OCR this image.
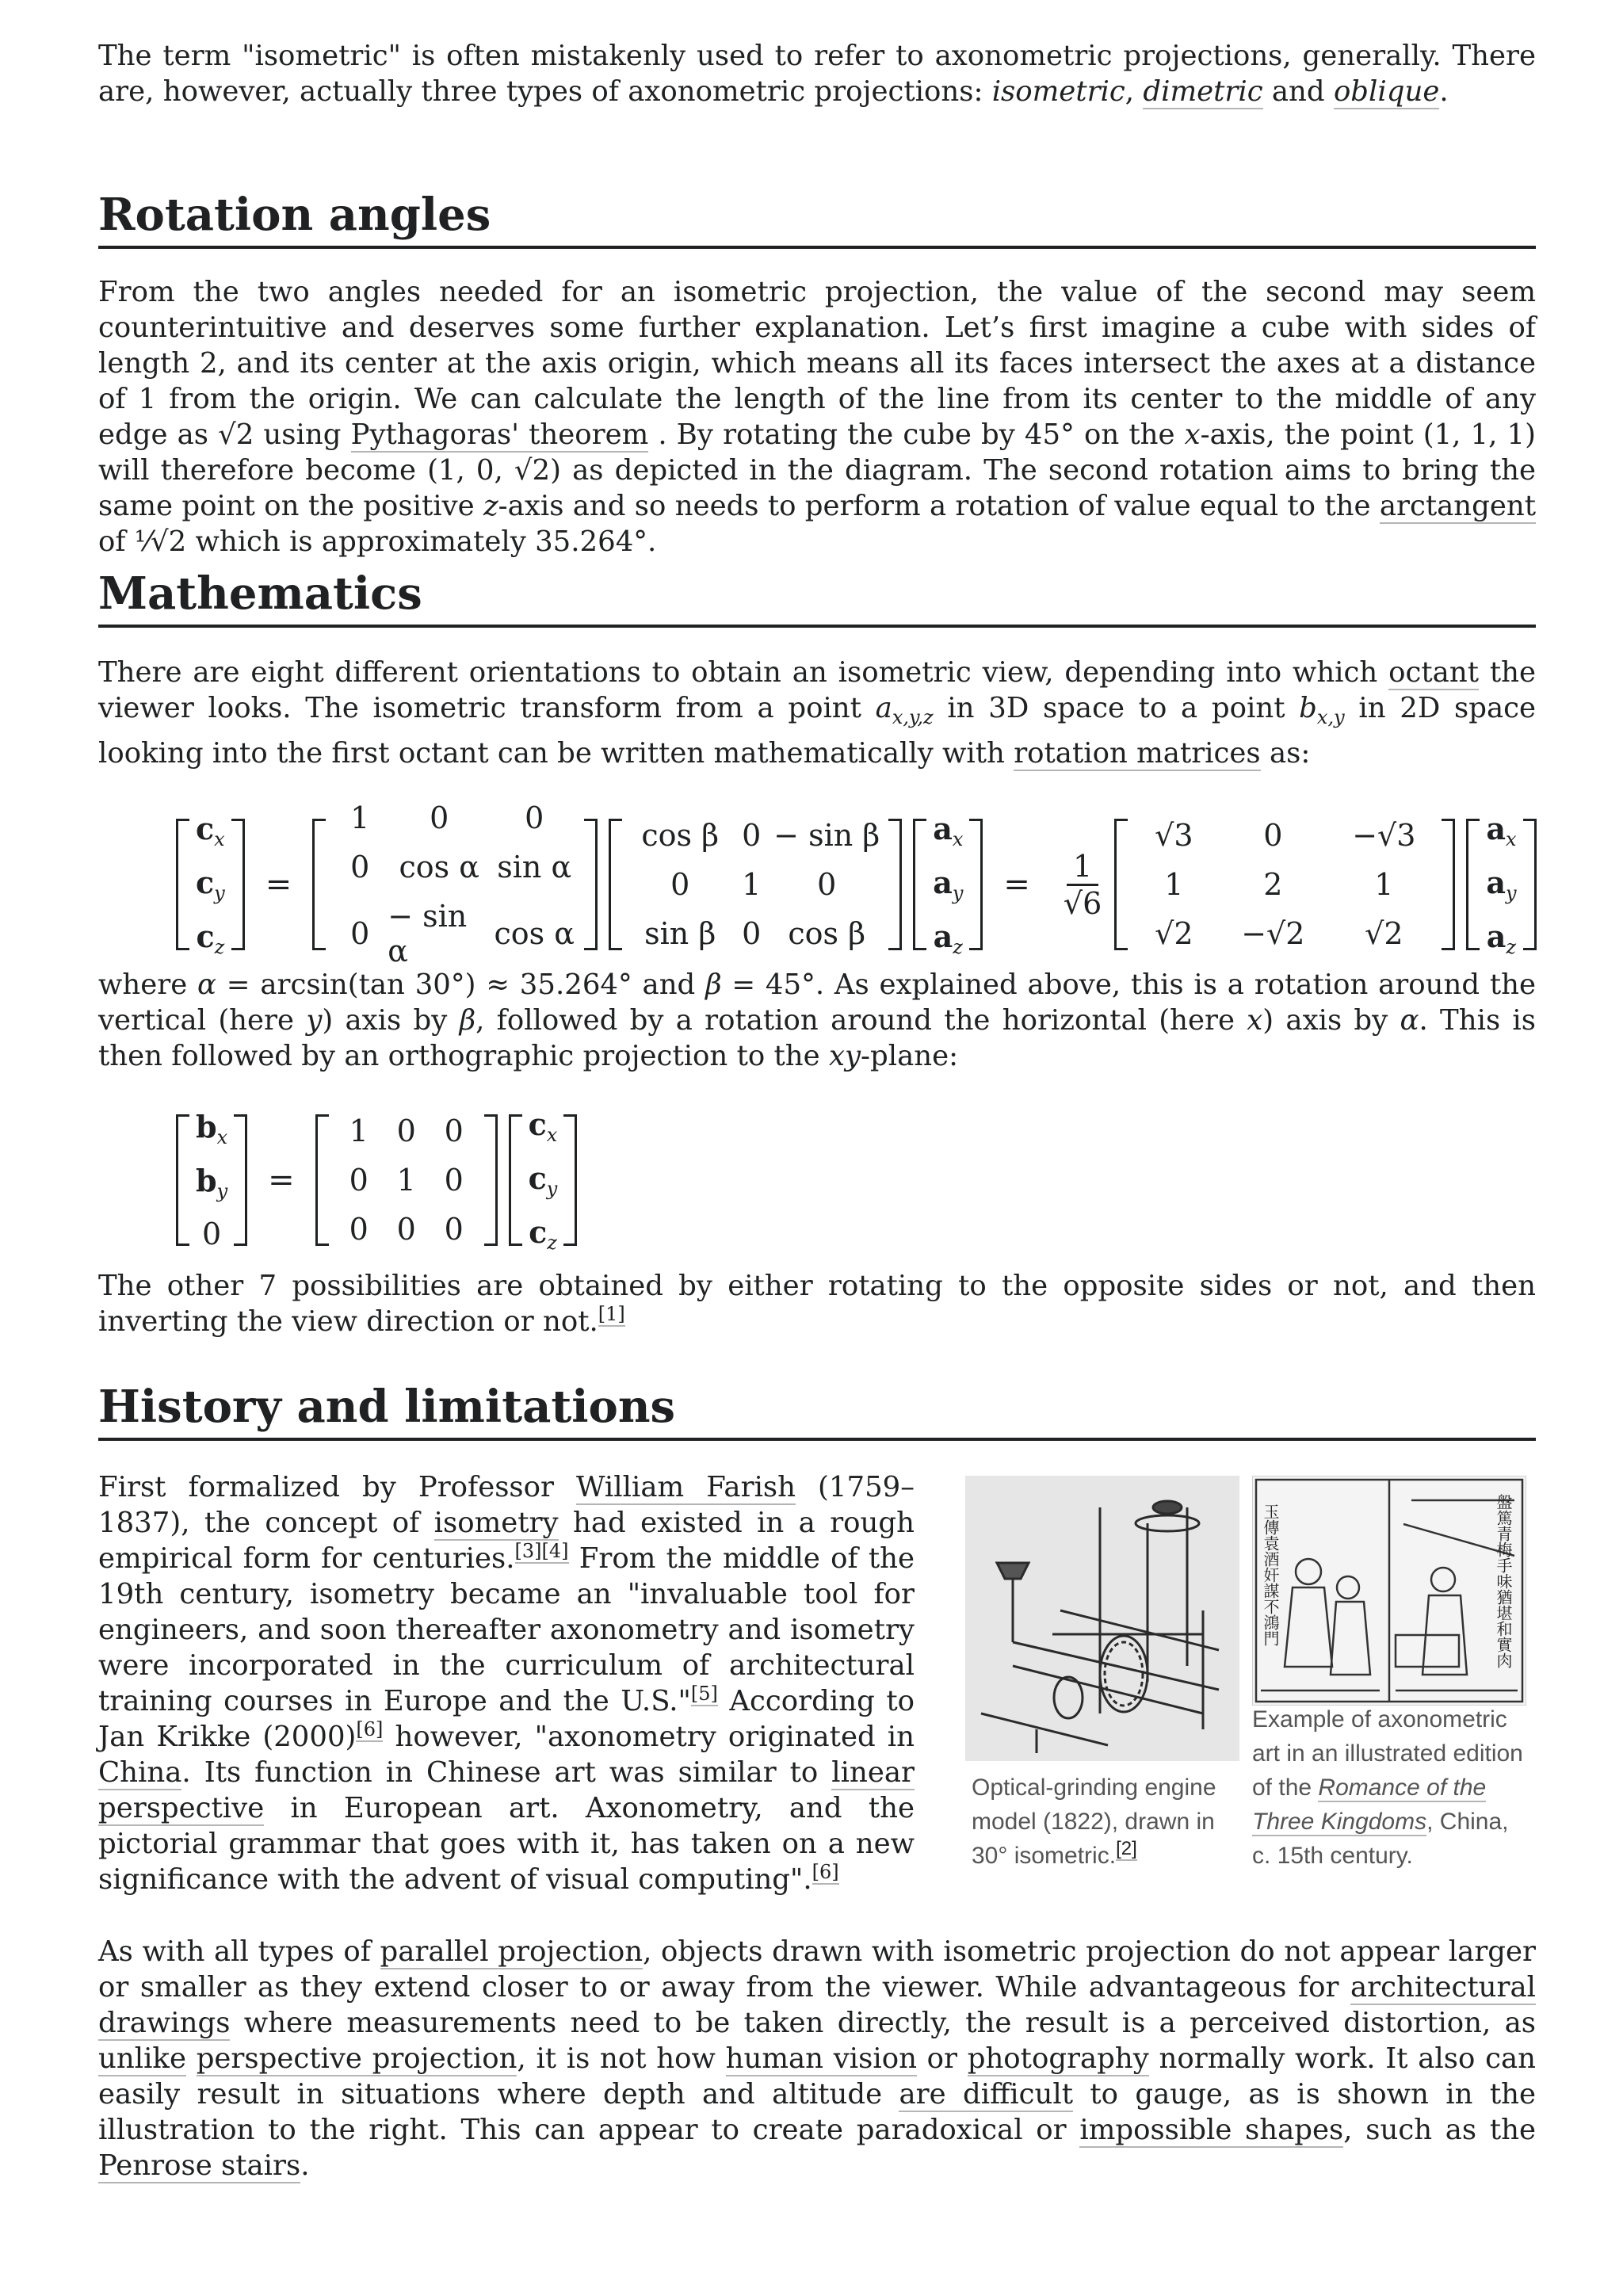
The term "isometric" is often mistakenly used to refer to axonometric projections, generally. There are, however, actually three types of axonometric projections: isometric, dimetric and oblique.

Rotation angles

From the two angles needed for an isometric projection, the value of the second may seem counterintuitive and deserves some further explanation. Let’s first imagine a cube with sides of length 2, and its center at the axis origin, which means all its faces intersect the axes at a distance of 1 from the origin. We can calculate the length of the line from its center to the middle of any edge as √2 using Pythagoras' theorem . By rotating the cube by 45° on the x-axis, the point (1, 1, 1) will therefore become (1, 0, √2) as depicted in the diagram. The second rotation aims to bring the same point on the positive z-axis and so needs to perform a rotation of value equal to the arctangent of ¹⁄√2 which is approximately 35.264°.

Mathematics

There are eight different orientations to obtain an isometric view, depending into which octant the viewer looks. The isometric transform from a point $a_{x,y,z}$ in 3D space to a point $b_{x,y}$ in 2D space looking into the first octant can be written mathematically with rotation matrices as:

$c_x$
$c_y$
$c_z$
=
1 0	0
0 cos α sin α
0 − sin α	cos α
cos β 0 − sin β
0 1 0
sin β 0 cos β
$a_x$
$a_y$
$a_z$
= $\frac{1}{√6}$
√3 0 −√3
1	2	1
√2 −√2 √2
$a_x$
$a_y$
$a_z$

where α = arcsin(tan 30°) ≈ 35.264° and β = 45°. As explained above, this is a rotation around the vertical (here y) axis by β, followed by a rotation around the horizontal (here x) axis by α. This is then followed by an orthographic projection to the xy-plane:

$b_x$
$b_y$
0
=
1 0 0
0 1 0
0 0 0
$c_x$
$c_y$
$c_z$

The other 7 possibilities are obtained by either rotating to the opposite sides or not, and then inverting the view direction or not.[1]

History and limitations

First formalized by Professor William Farish (1759–1837), the concept of isometry had existed in a rough empirical form for centuries.[3][4] From the middle of the 19th century, isometry became an "invaluable tool for engineers, and soon thereafter axonometry and isometry were incorporated in the curriculum of architectural training courses in Europe and the U.S."[5] According to Jan Krikke (2000)[6] however, "axonometry originated in China. Its function in Chinese art was similar to linear perspective in European art. Axonometry, and the pictorial grammar that goes with it, has taken on a new significance with the advent of visual computing".[6]

Optical-grinding engine model (1822), drawn in 30° isometric.[2]
玉傳袁酒奸謀不鴻門	盤篤青梅手味猶堪和實肉
Example of axonometric art in an illustrated edition of the Romance of the Three Kingdoms, China, c. 15th century.

As with all types of parallel projection, objects drawn with isometric projection do not appear larger or smaller as they extend closer to or away from the viewer. While advantageous for architectural drawings where measurements need to be taken directly, the result is a perceived distortion, as unlike perspective projection, it is not how human vision or photography normally work. It also can easily result in situations where depth and altitude are difficult to gauge, as is shown in the illustration to the right. This can appear to create paradoxical or impossible shapes, such as the Penrose stairs.
